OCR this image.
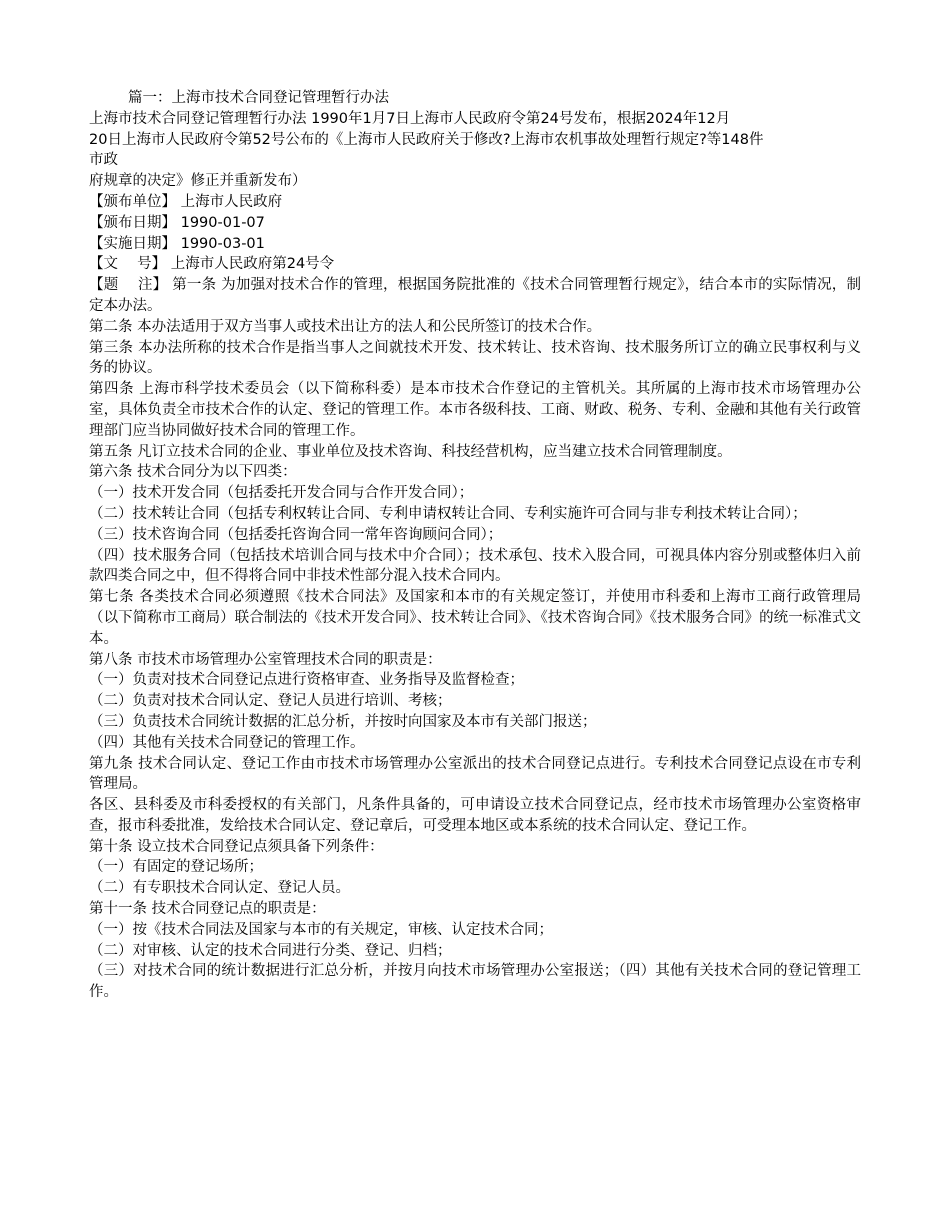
篇一：上海市技术合同登记管理暂行办法
上海市技术合同登记管理暂行办法 1990年1月7日上海市人民政府令第24号发布，根据2024年12月
20日上海市人民政府令第52号公布的《上海市人民政府关于修改?上海市农机事故处理暂行规定?等148件
市政
府规章的决定》修正并重新发布）
【颁布单位】 上海市人民政府
【颁布日期】 1990-01-07
【实施日期】 1990-03-01
【文　 号】 上海市人民政府第24号令
【题　 注】 第一条 为加强对技术合作的管理，根据国务院批准的《技术合同管理暂行规定》，结合本市的实际情况，制定本办法。
第二条 本办法适用于双方当事人或技术出让方的法人和公民所签订的技术合作。
第三条 本办法所称的技术合作是指当事人之间就技术开发、技术转让、技术咨询、技术服务所订立的确立民事权利与义务的协议。
第四条 上海市科学技术委员会（以下简称科委）是本市技术合作登记的主管机关。其所属的上海市技术市场管理办公室，具体负责全市技术合作的认定、登记的管理工作。本市各级科技、工商、财政、税务、专利、金融和其他有关行政管理部门应当协同做好技术合同的管理工作。
第五条 凡订立技术合同的企业、事业单位及技术咨询、科技经营机构，应当建立技术合同管理制度。
第六条 技术合同分为以下四类：
（一）技术开发合同（包括委托开发合同与合作开发合同）；
（二）技术转让合同（包括专利权转让合同、专利申请权转让合同、专利实施许可合同与非专利技术转让合同）；
（三）技术咨询合同（包括委托咨询合同一常年咨询顾问合同）；
（四）技术服务合同（包括技术培训合同与技术中介合同）；技术承包、技术入股合同，可视具体内容分别或整体归入前款四类合同之中，但不得将合同中非技术性部分混入技术合同内。
第七条 各类技术合同必须遵照《技术合同法》及国家和本市的有关规定签订，并使用市科委和上海市工商行政管理局（以下简称市工商局）联合制法的《技术开发合同》、技术转让合同》、《技术咨询合同》《技术服务合同》的统一标准式文本。
第八条 市技术市场管理办公室管理技术合同的职责是：
（一）负责对技术合同登记点进行资格审查、业务指导及监督检查；
（二）负责对技术合同认定、登记人员进行培训、考核；
（三）负责技术合同统计数据的汇总分析，并按时向国家及本市有关部门报送；
（四）其他有关技术合同登记的管理工作。
第九条 技术合同认定、登记工作由市技术市场管理办公室派出的技术合同登记点进行。专利技术合同登记点设在市专利管理局。
各区、县科委及市科委授权的有关部门，凡条件具备的，可申请设立技术合同登记点，经市技术市场管理办公室资格审查，报市科委批准，发给技术合同认定、登记章后，可受理本地区或本系统的技术合同认定、登记工作。
第十条 设立技术合同登记点须具备下列条件：
（一）有固定的登记场所；
（二）有专职技术合同认定、登记人员。
第十一条 技术合同登记点的职责是：
（一）按《技术合同法及国家与本市的有关规定，审核、认定技术合同；
（二）对审核、认定的技术合同进行分类、登记、归档；
（三）对技术合同的统计数据进行汇总分析，并按月向技术市场管理办公室报送；（四）其他有关技术合同的登记管理工作。
